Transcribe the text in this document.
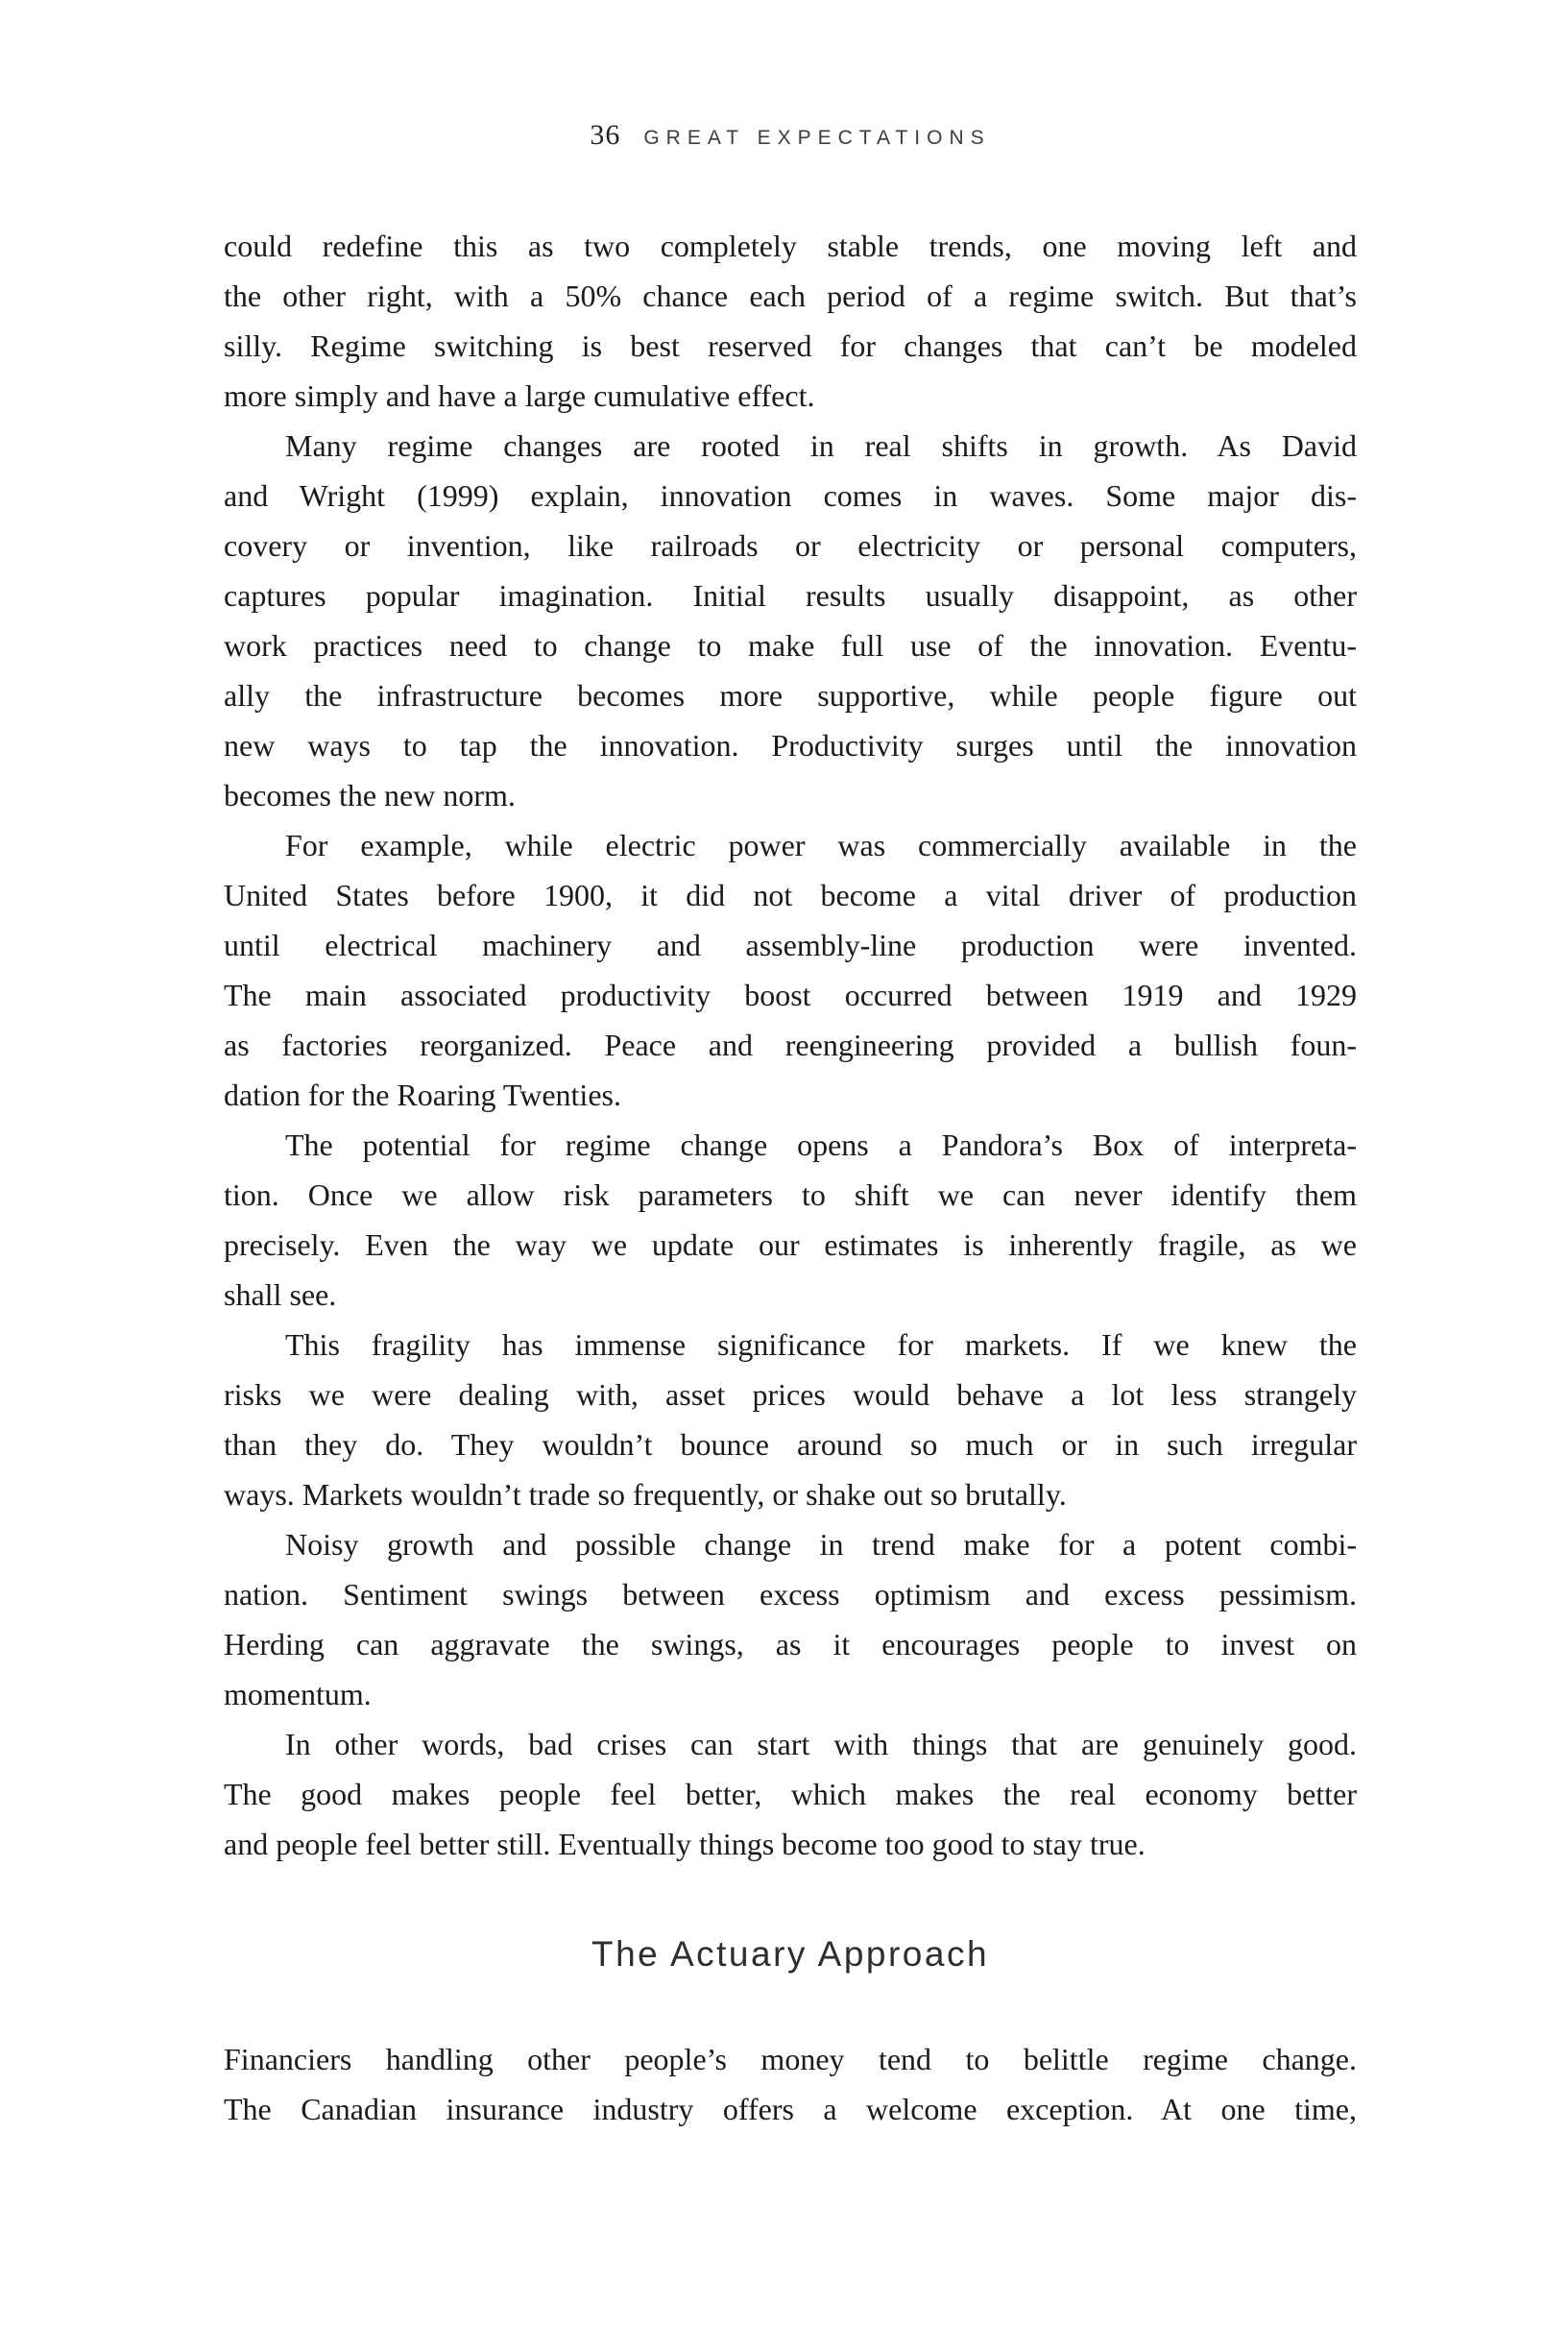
36 GREAT EXPECTATIONS
could redefine this as two completely stable trends, one moving left and
the other right, with a 50% chance each period of a regime switch. But that’s
silly. Regime switching is best reserved for changes that can’t be modeled
more simply and have a large cumulative effect.
Many regime changes are rooted in real shifts in growth. As David
and Wright (1999) explain, innovation comes in waves. Some major dis-
covery or invention, like railroads or electricity or personal computers,
captures popular imagination. Initial results usually disappoint, as other
work practices need to change to make full use of the innovation. Eventu-
ally the infrastructure becomes more supportive, while people figure out
new ways to tap the innovation. Productivity surges until the innovation
becomes the new norm.
For example, while electric power was commercially available in the
United States before 1900, it did not become a vital driver of production
until electrical machinery and assembly-line production were invented.
The main associated productivity boost occurred between 1919 and 1929
as factories reorganized. Peace and reengineering provided a bullish foun-
dation for the Roaring Twenties.
The potential for regime change opens a Pandora’s Box of interpreta-
tion. Once we allow risk parameters to shift we can never identify them
precisely. Even the way we update our estimates is inherently fragile, as we
shall see.
This fragility has immense significance for markets. If we knew the
risks we were dealing with, asset prices would behave a lot less strangely
than they do. They wouldn’t bounce around so much or in such irregular
ways. Markets wouldn’t trade so frequently, or shake out so brutally.
Noisy growth and possible change in trend make for a potent combi-
nation. Sentiment swings between excess optimism and excess pessimism.
Herding can aggravate the swings, as it encourages people to invest on
momentum.
In other words, bad crises can start with things that are genuinely good.
The good makes people feel better, which makes the real economy better
and people feel better still. Eventually things become too good to stay true.
The Actuary Approach
Financiers handling other people’s money tend to belittle regime change.
The Canadian insurance industry offers a welcome exception. At one time,
